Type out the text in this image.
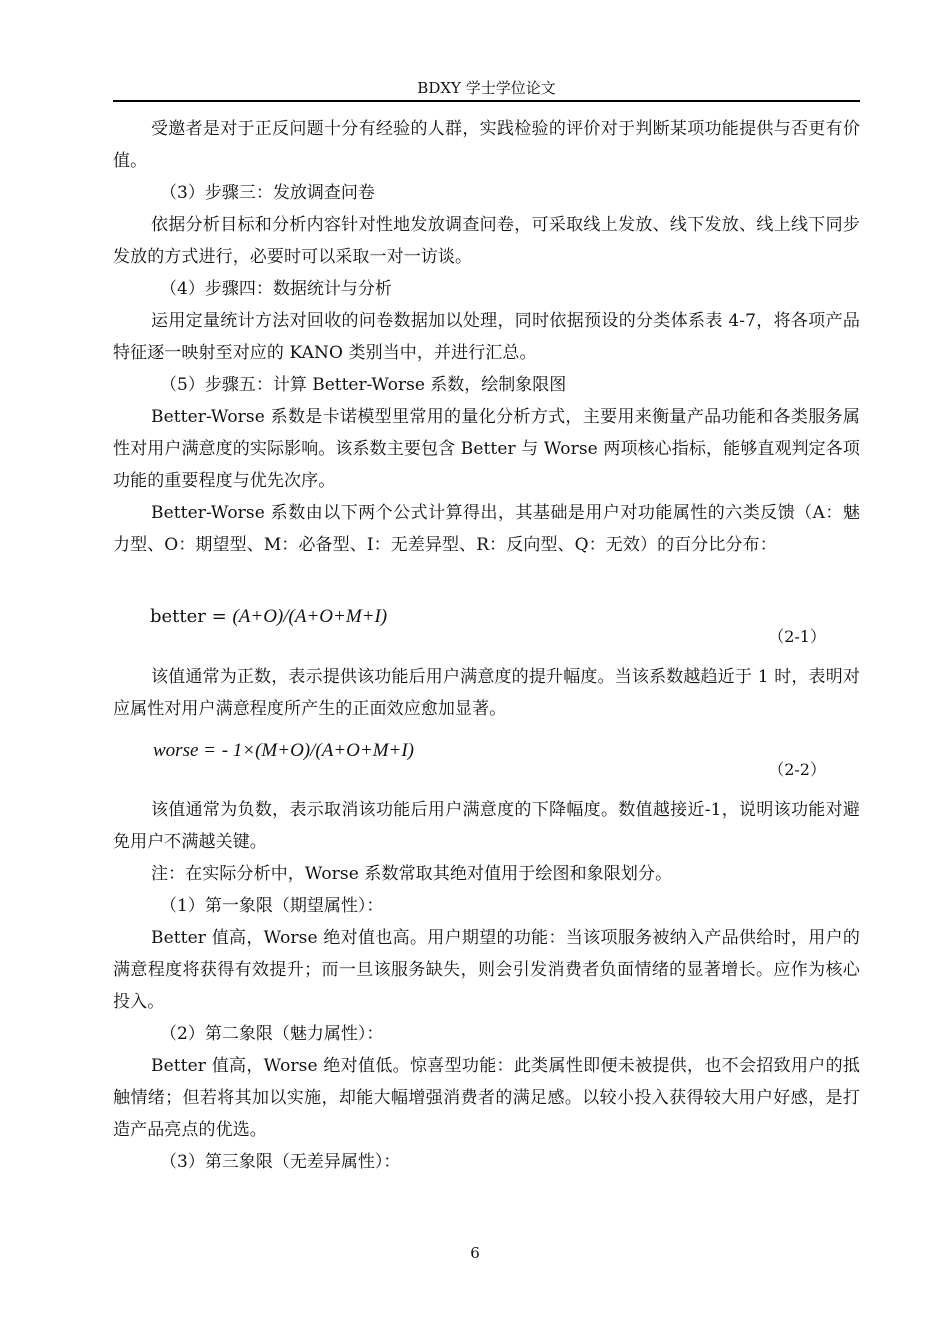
BDXY 学士学位论文

受邀者是对于正反问题十分有经验的人群，实践检验的评价对于判断某项功能提供与否更有价值。

（3）步骤三：发放调查问卷

依据分析目标和分析内容针对性地发放调查问卷，可采取线上发放、线下发放、线上线下同步发放的方式进行，必要时可以采取一对一访谈。

（4）步骤四：数据统计与分析

运用定量统计方法对回收的问卷数据加以处理，同时依据预设的分类体系表 4-7，将各项产品特征逐一映射至对应的 KANO 类别当中，并进行汇总。

（5）步骤五：计算 Better-Worse 系数，绘制象限图

Better-Worse 系数是卡诺模型里常用的量化分析方式，主要用来衡量产品功能和各类服务属性对用户满意度的实际影响。该系数主要包含 Better 与 Worse 两项核心指标，能够直观判定各项功能的重要程度与优先次序。

Better-Worse 系数由以下两个公式计算得出，其基础是用户对功能属性的六类反馈（A：魅力型、O：期望型、M：必备型、I：无差异型、R：反向型、Q：无效）的百分比分布：

better = (A+O)/(A+O+M+I)
（2-1）

该值通常为正数，表示提供该功能后用户满意度的提升幅度。当该系数越趋近于 1 时，表明对应属性对用户满意程度所产生的正面效应愈加显著。

worse = - 1×(M+O)/(A+O+M+I)
（2-2）

该值通常为负数，表示取消该功能后用户满意度的下降幅度。数值越接近-1，说明该功能对避免用户不满越关键。

注：在实际分析中，Worse 系数常取其绝对值用于绘图和象限划分。

（1）第一象限（期望属性）：

Better 值高，Worse 绝对值也高。用户期望的功能：当该项服务被纳入产品供给时，用户的满意程度将获得有效提升；而一旦该服务缺失，则会引发消费者负面情绪的显著增长。应作为核心投入。

（2）第二象限（魅力属性）：

Better 值高，Worse 绝对值低。惊喜型功能：此类属性即便未被提供，也不会招致用户的抵触情绪；但若将其加以实施，却能大幅增强消费者的满足感。以较小投入获得较大用户好感，是打造产品亮点的优选。

（3）第三象限（无差异属性）：

6
